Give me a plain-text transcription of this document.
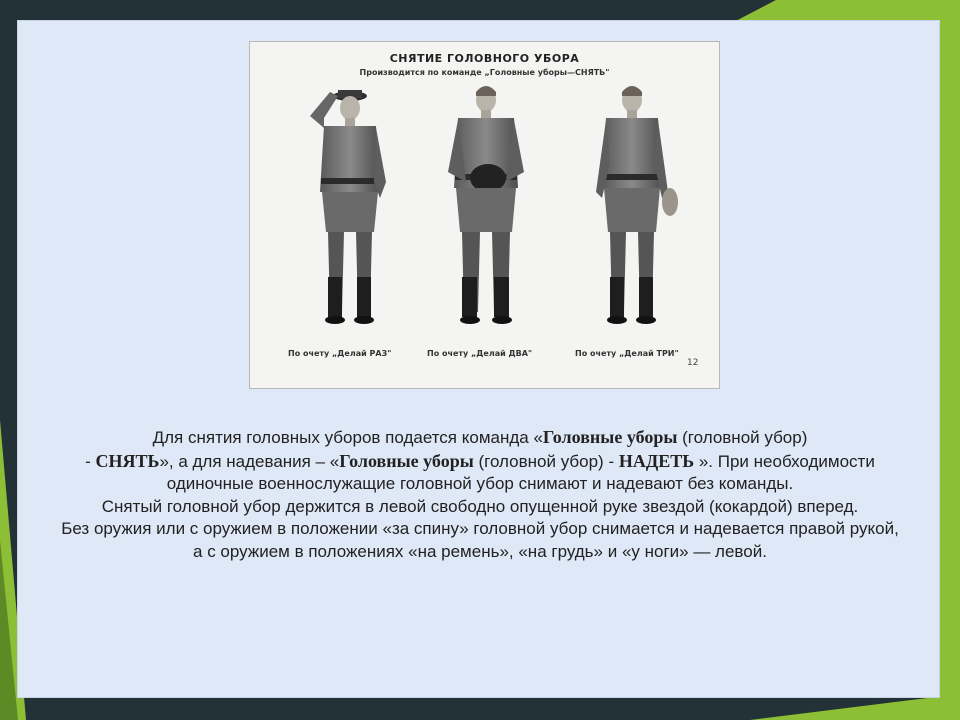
СНЯТИЕ ГОЛОВНОГО УБОРА
Производится по команде „Головные уборы—СНЯТЬ"
По очету „Делай РАЗ"	По очету „Делай ДВА"	По очету „Делай ТРИ"
12

Для снятия головных уборов подается команда «Головные уборы (головной убор)
- СНЯТЬ», а для надевания – «Головные уборы (головной убор) - НАДЕТЬ ». При необходимости одиночные военнослужащие головной убор снимают и надевают без команды.

Снятый головной убор держится в левой свободно опущенной руке звездой (кокардой) вперед.

Без оружия или с оружием в положении «за спину» головной убор снимается и надевается правой рукой, а с оружием в положениях «на ремень», «на грудь» и «у ноги» — левой.
